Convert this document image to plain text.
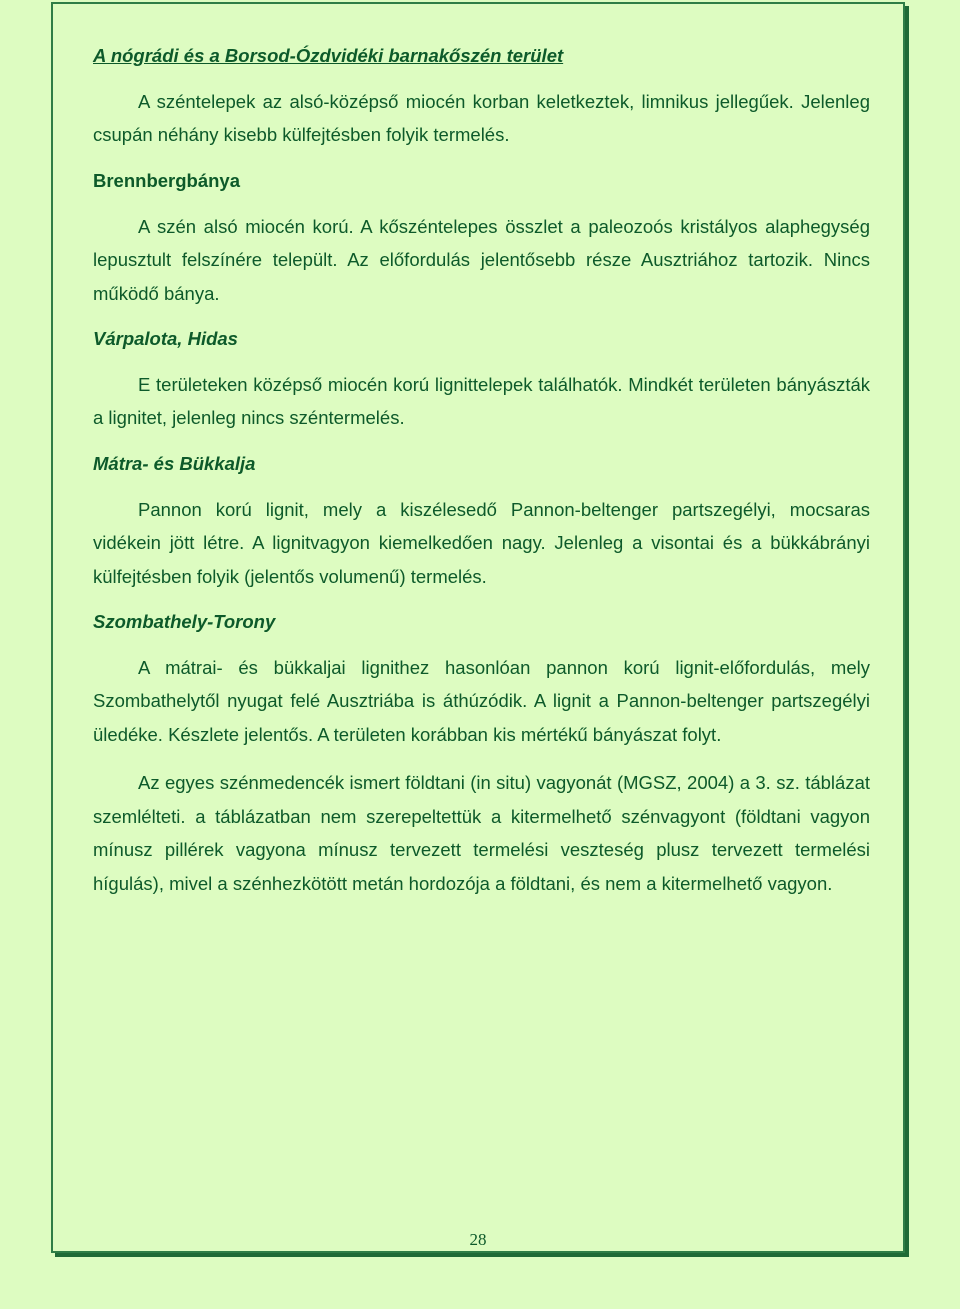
A nógrádi és a Borsod-Ózdvidéki barnakőszén terület

A széntelepek az alsó-középső miocén korban keletkeztek, limnikus jellegűek. Jelenleg csupán néhány kisebb külfejtésben folyik termelés.

Brennbergbánya

A szén alsó miocén korú. A kőszéntelepes összlet a paleozoós kristályos alaphegység lepusztult felszínére települt. Az előfordulás jelentősebb része Ausztriához tartozik. Nincs működő bánya.

Várpalota, Hidas

E területeken középső miocén korú lignittelepek találhatók. Mindkét területen bányászták a lignitet, jelenleg nincs széntermelés.

Mátra- és Bükkalja

Pannon korú lignit, mely a kiszélesedő Pannon-beltenger partszegélyi, mocsaras vidékein jött létre. A lignitvagyon kiemelkedően nagy. Jelenleg a visontai és a bükkábrányi külfejtésben folyik (jelentős volumenű) termelés.

Szombathely-Torony

A mátrai- és bükkaljai lignithez hasonlóan pannon korú lignit-előfordulás, mely Szombathelytől nyugat felé Ausztriába is áthúzódik. A lignit a Pannon-beltenger partszegélyi üledéke. Készlete jelentős. A területen korábban kis mértékű bányászat folyt.

Az egyes szénmedencék ismert földtani (in situ) vagyonát (MGSZ, 2004) a 3. sz. táblázat szemlélteti. a táblázatban nem szerepeltettük a kitermelhető szénvagyont (földtani vagyon mínusz pillérek vagyona mínusz tervezett termelési veszteség plusz tervezett termelési hígulás), mivel a szénhezkötött metán hordozója a földtani, és nem a kitermelhető vagyon.

28
